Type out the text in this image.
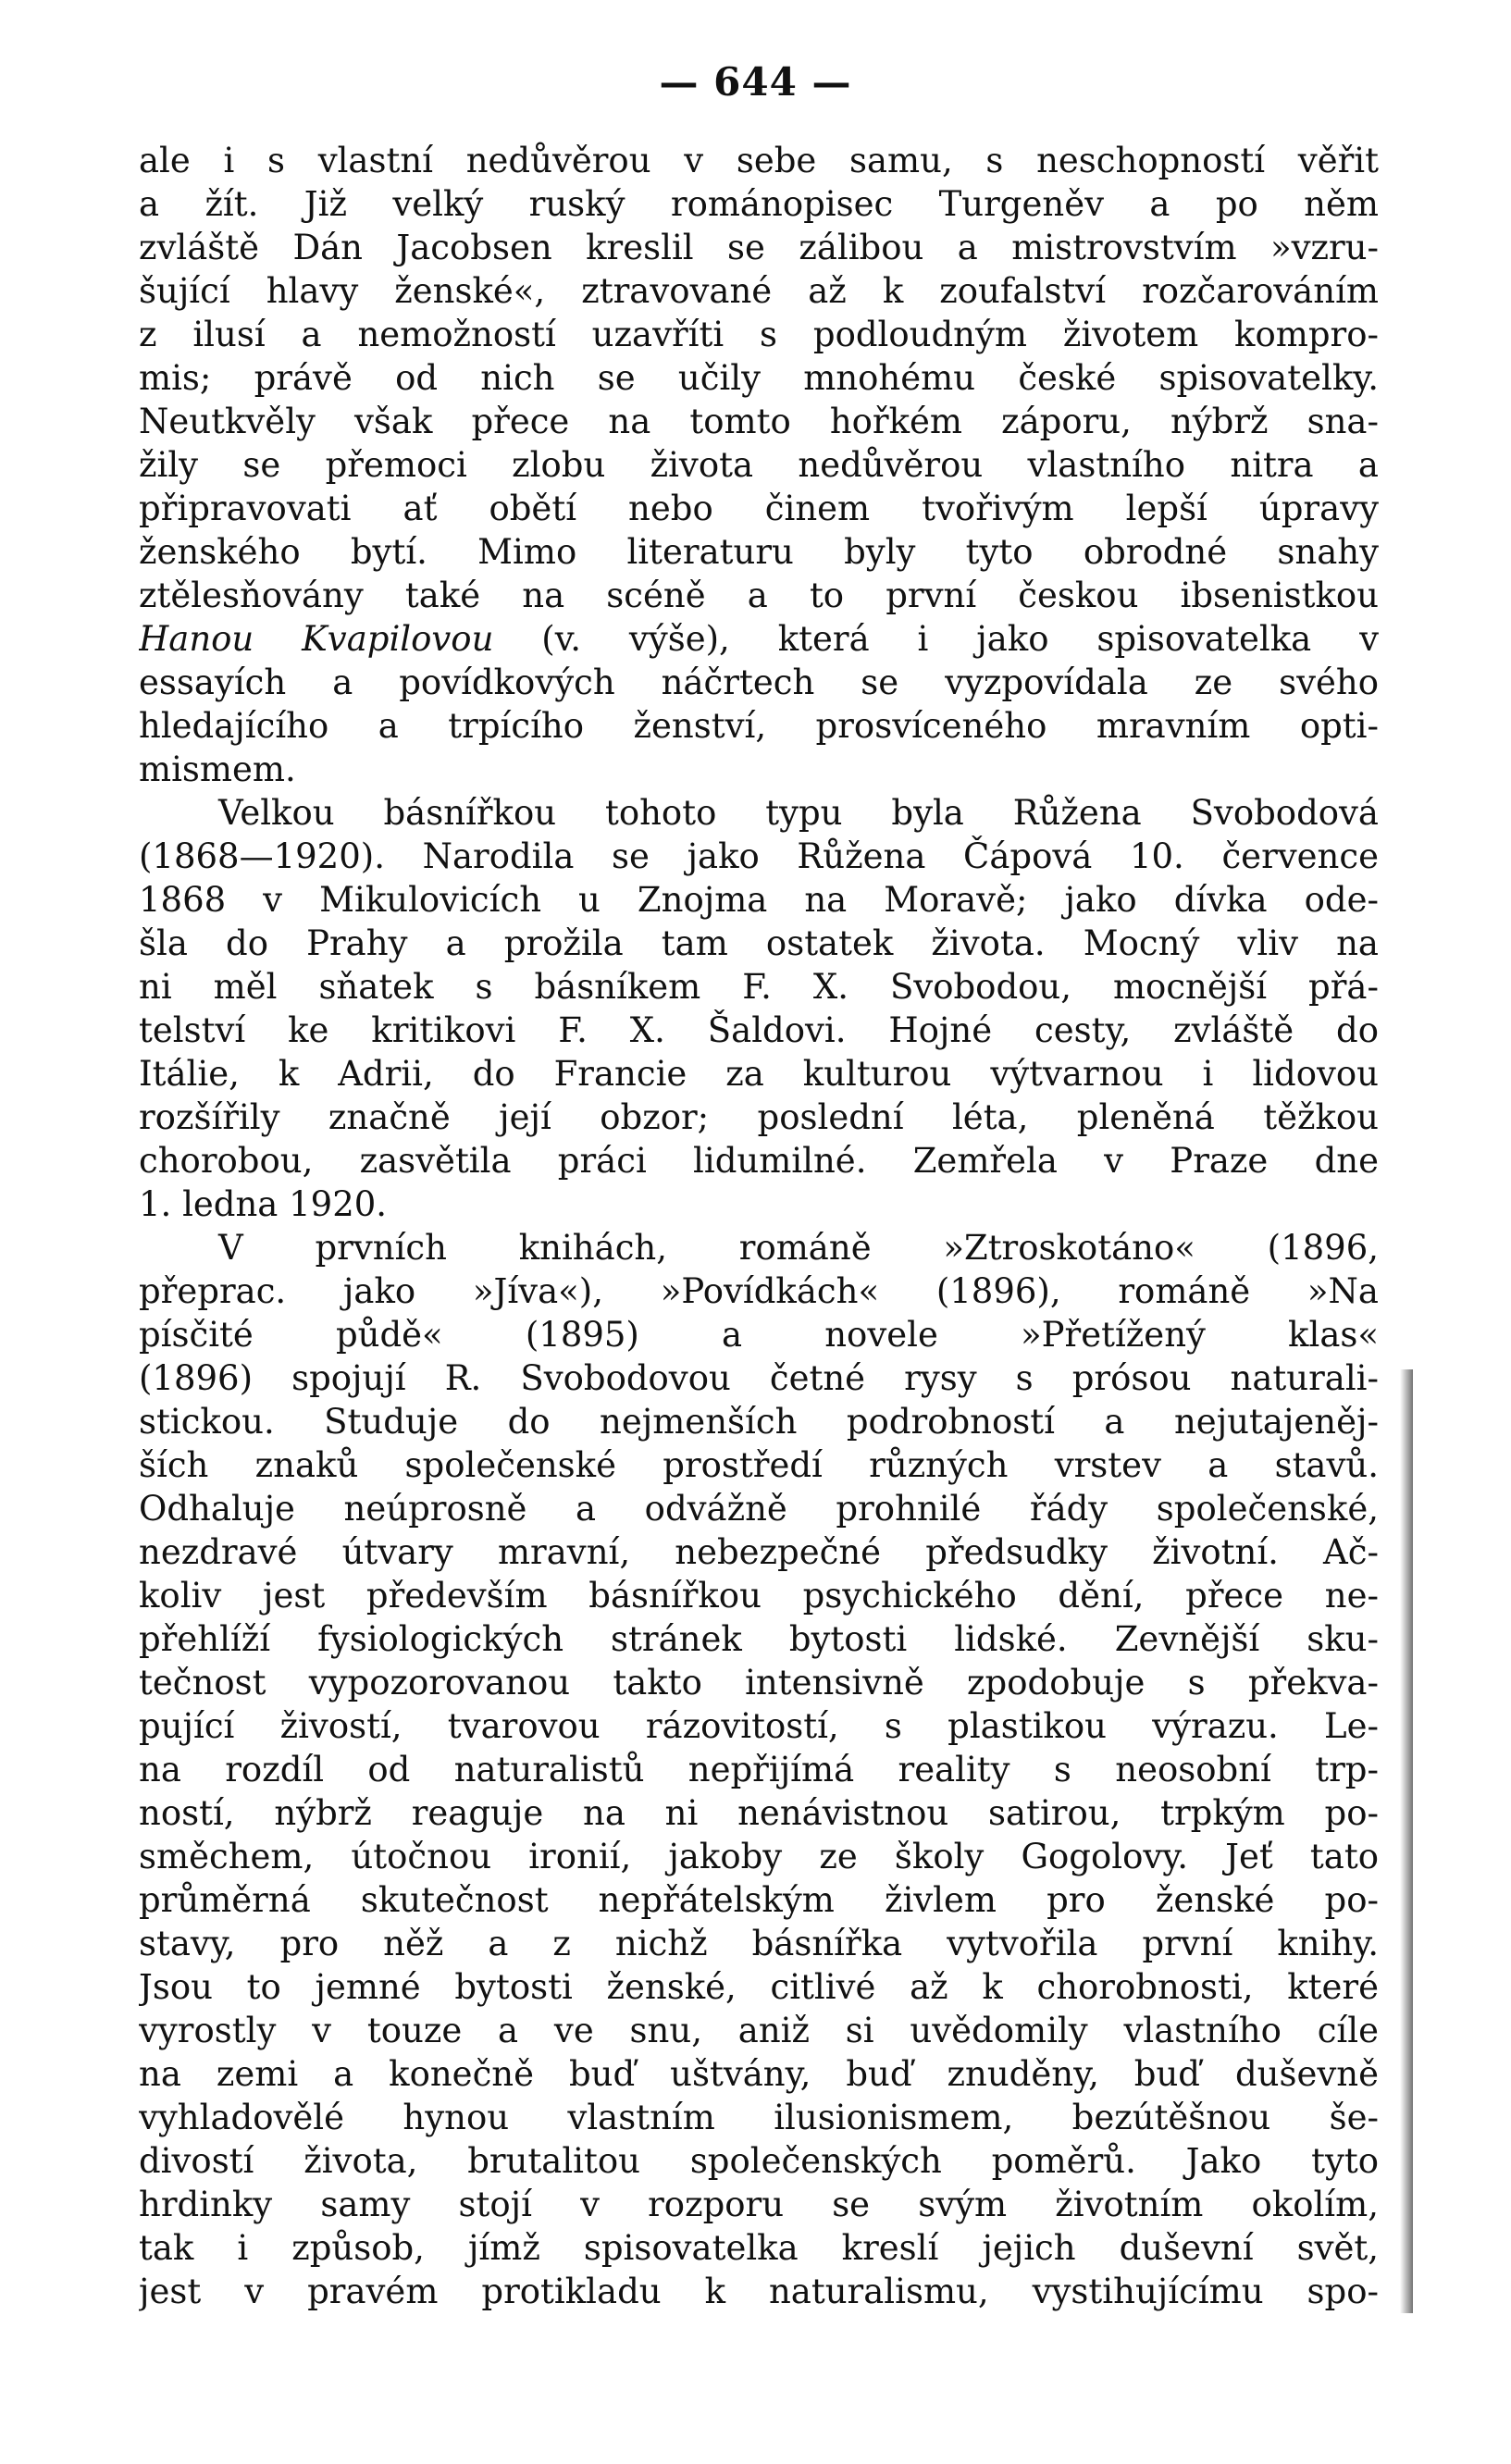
— 644 —
ale i s vlastní nedůvěrou v sebe samu, s neschopností věřit
a žít. Již velký ruský románopisec Turgeněv a po něm
zvláště Dán Jacobsen kreslil se zálibou a mistrovstvím »vzru-
šující hlavy ženské«, ztravované až k zoufalství rozčarováním
z ilusí a nemožností uzavříti s podloudným životem kompro-
mis; právě od nich se učily mnohému české spisovatelky.
Neutkvěly však přece na tomto hořkém záporu, nýbrž sna-
žily se přemoci zlobu života nedůvěrou vlastního nitra a
připravovati ať obětí nebo činem tvořivým lepší úpravy
ženského bytí. Mimo literaturu byly tyto obrodné snahy
ztělesňovány také na scéně a to první českou ibsenistkou
Hanou Kvapilovou (v. výše), která i jako spisovatelka v
essayích a povídkových náčrtech se vyzpovídala ze svého
hledajícího a trpícího ženství, prosvíceného mravním opti-
mismem.
Velkou básnířkou tohoto typu byla Růžena Svobodová
(1868—1920). Narodila se jako Růžena Čápová 10. července
1868 v Mikulovicích u Znojma na Moravě; jako dívka ode-
šla do Prahy a prožila tam ostatek života. Mocný vliv na
ni měl sňatek s básníkem F. X. Svobodou, mocnější přá-
telství ke kritikovi F. X. Šaldovi. Hojné cesty, zvláště do
Itálie, k Adrii, do Francie za kulturou výtvarnou i lidovou
rozšířily značně její obzor; poslední léta, pleněná těžkou
chorobou, zasvětila práci lidumilné. Zemřela v Praze dne
1. ledna 1920.
V prvních knihách, románě »Ztroskotáno« (1896,
přeprac. jako »Jíva«), »Povídkách« (1896), románě »Na
písčité půdě« (1895) a novele »Přetížený klas«
(1896) spojují R. Svobodovou četné rysy s prósou naturali-
stickou. Studuje do nejmenších podrobností a nejutajeněj-
ších znaků společenské prostředí různých vrstev a stavů.
Odhaluje neúprosně a odvážně prohnilé řády společenské,
nezdravé útvary mravní, nebezpečné předsudky životní. Ač-
koliv jest především básnířkou psychického dění, přece ne-
přehlíží fysiologických stránek bytosti lidské. Zevnější sku-
tečnost vypozorovanou takto intensivně zpodobuje s překva-
pující živostí, tvarovou rázovitostí, s plastikou výrazu. Le-
na rozdíl od naturalistů nepřijímá reality s neosobní trp-
ností, nýbrž reaguje na ni nenávistnou satirou, trpkým po-
směchem, útočnou ironií, jakoby ze školy Gogolovy. Jeť tato
průměrná skutečnost nepřátelským živlem pro ženské po-
stavy, pro něž a z nichž básnířka vytvořila první knihy.
Jsou to jemné bytosti ženské, citlivé až k chorobnosti, které
vyrostly v touze a ve snu, aniž si uvědomily vlastního cíle
na zemi a konečně buď uštvány, buď znuděny, buď duševně
vyhladovělé hynou vlastním ilusionismem, bezútěšnou še-
divostí života, brutalitou společenských poměrů. Jako tyto
hrdinky samy stojí v rozporu se svým životním okolím,
tak i způsob, jímž spisovatelka kreslí jejich duševní svět,
jest v pravém protikladu k naturalismu, vystihujícímu spo-
